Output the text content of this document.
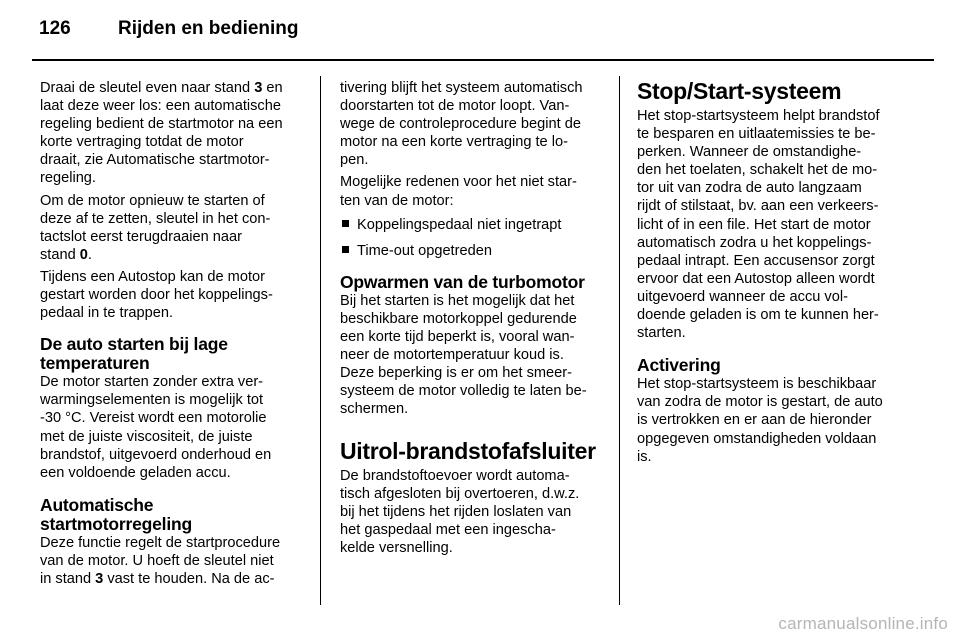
126 Rijden en bediening
Draai de sleutel even naar stand 3 en
laat deze weer los: een automatische
regeling bedient de startmotor na een
korte vertraging totdat de motor
draait, zie Automatische startmotor-
regeling.
Om de motor opnieuw te starten of
deze af te zetten, sleutel in het con-
tactslot eerst terugdraaien naar
stand 0.
Tijdens een Autostop kan de motor
gestart worden door het koppelings-
pedaal in te trappen.
De auto starten bij lage
temperaturen
De motor starten zonder extra ver-
warmingselementen is mogelijk tot
-30 °C. Vereist wordt een motorolie
met de juiste viscositeit, de juiste
brandstof, uitgevoerd onderhoud en
een voldoende geladen accu.
Automatische
startmotorregeling
Deze functie regelt de startprocedure
van de motor. U hoeft de sleutel niet
in stand 3 vast te houden. Na de ac-
tivering blijft het systeem automatisch
doorstarten tot de motor loopt. Van-
wege de controleprocedure begint de
motor na een korte vertraging te lo-
pen.
Mogelijke redenen voor het niet star-
ten van de motor:
Koppelingspedaal niet ingetrapt
Time-out opgetreden
Opwarmen van de turbomotor
Bij het starten is het mogelijk dat het
beschikbare motorkoppel gedurende
een korte tijd beperkt is, vooral wan-
neer de motortemperatuur koud is.
Deze beperking is er om het smeer-
systeem de motor volledig te laten be-
schermen.
Uitrol-brandstofafsluiter
De brandstoftoevoer wordt automa-
tisch afgesloten bij overtoeren, d.w.z.
bij het tijdens het rijden loslaten van
het gaspedaal met een ingescha-
kelde versnelling.
Stop/Start-systeem
Het stop-startsysteem helpt brandstof
te besparen en uitlaatemissies te be-
perken. Wanneer de omstandighe-
den het toelaten, schakelt het de mo-
tor uit van zodra de auto langzaam
rijdt of stilstaat, bv. aan een verkeers-
licht of in een file. Het start de motor
automatisch zodra u het koppelings-
pedaal intrapt. Een accusensor zorgt
ervoor dat een Autostop alleen wordt
uitgevoerd wanneer de accu vol-
doende geladen is om te kunnen her-
starten.
Activering
Het stop-startsysteem is beschikbaar
van zodra de motor is gestart, de auto
is vertrokken en er aan de hieronder
opgegeven omstandigheden voldaan
is.
carmanualsonline.info
